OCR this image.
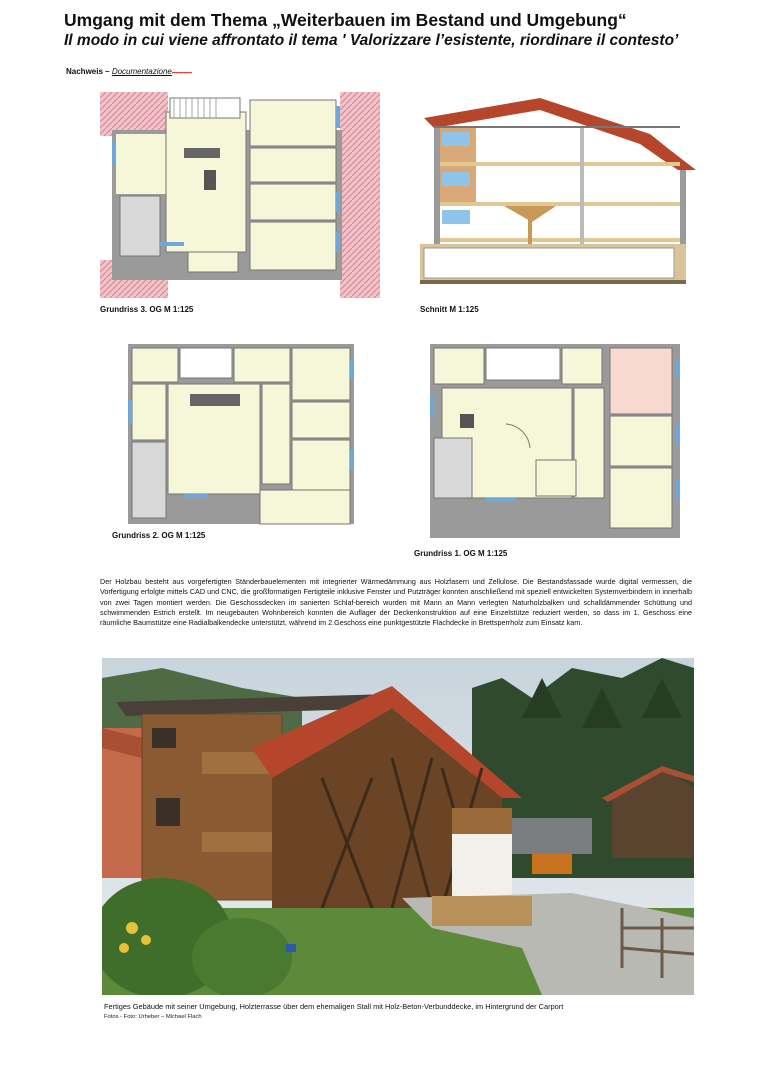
Umgang mit dem Thema „Weiterbauen im Bestand und Umgebung“
Il modo in cui viene affrontato il tema ' Valorizzare l’esistente, riordinare il contesto’
Nachweis – Documentazione............
Grundriss 3. OG M 1:125
.
Schnitt M 1:125
Grundriss 2. OG M 1:125
Grundriss 1. OG M 1:125
Der Holzbau besteht aus vorgefertigten Ständerbauelementen mit integrierter Wärmedämmung aus Holzfasern und Zellulose. Die Bestandsfassade wurde digital vermessen, die Vorfertigung erfolgte mittels CAD und CNC, die großformatigen Fertigteile inklusive Fenster und Putzträger konnten anschließend mit speziell entwickelten Systemverbindern in innerhalb von zwei Tagen montiert werden. Die Geschossdecken im sanierten Schlaf-bereich wurden mit Mann an Mann verlegten Naturholzbalken und schalldämmender Schüttung und schwimmenden Estrich erstellt. Im neugebauten Wohnbereich konnten die Auflager der Deckenkonstruktion auf eine Einzelstütze reduziert werden, so dass im 1. Geschoss eine räumliche Baumstütze eine Radialbalkendecke unterstützt, während im 2.Geschoss eine punktgestützte Flachdecke in Brettsperrholz zum Einsatz kam.
Fertiges Gebäude mit seiner Umgebung, Holzterrasse über dem ehemaligen Stall mit Holz-Beton-Verbunddecke, im Hintergrund der Carport
Fotos - Foto: Urheber – Michael Flach
